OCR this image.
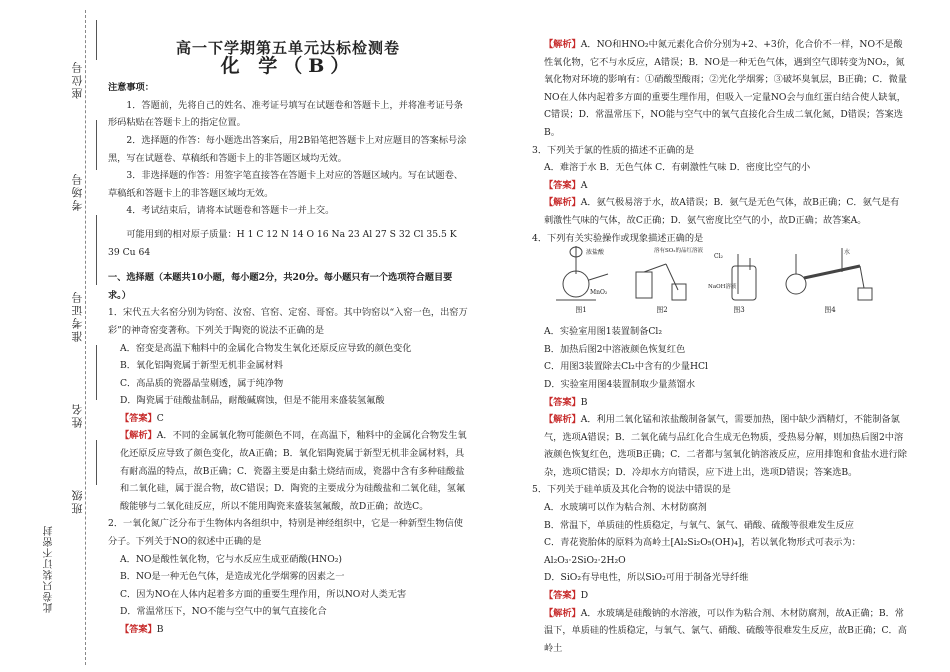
座位号
考场号
准考证号
姓名
班级
此卷只装订不密封

高一下学期第五单元达标检测卷

化 学（B）

注意事项：

1．答题前，先将自己的姓名、准考证号填写在试题卷和答题卡上，并将准考证号条形码粘贴在答题卡上的指定位置。

2．选择题的作答：每小题选出答案后，用2B铅笔把答题卡上对应题目的答案标号涂黑，写在试题卷、草稿纸和答题卡上的非答题区域均无效。

3．非选择题的作答：用签字笔直接答在答题卡上对应的答题区域内。写在试题卷、草稿纸和答题卡上的非答题区域均无效。

4．考试结束后，请将本试题卷和答题卡一并上交。

可能用到的相对原子质量：H 1 C 12 N 14 O 16 Na 23 Al 27 S 32 Cl 35.5 K 39 Cu 64

一、选择题（本题共10小题，每小题2分，共20分。每小题只有一个选项符合题目要求。）

1．宋代五大名窑分别为钧窑、汝窑、官窑、定窑、哥窑。其中钧窑以“入窑一色，出窑万彩”的神奇窑变著称。下列关于陶瓷的说法不正确的是

A．窑变是高温下釉料中的金属化合物发生氧化还原反应导致的颜色变化

B．氧化铝陶瓷属于新型无机非金属材料

C．高品质的瓷器晶莹剔透，属于纯净物

D．陶瓷属于硅酸盐制品，耐酸碱腐蚀，但是不能用来盛装氢氟酸

【答案】C

【解析】A．不同的金属氧化物可能颜色不同，在高温下，釉料中的金属化合物发生氧化还原反应导致了颜色变化，故A正确；B．氧化铝陶瓷属于新型无机非金属材料，具有耐高温的特点，故B正确；C．瓷器主要是由黏土烧结而成，瓷器中含有多种硅酸盐和二氧化硅，属于混合物，故C错误；D．陶瓷的主要成分为硅酸盐和二氧化硅，氢氟酸能够与二氧化硅反应，所以不能用陶瓷来盛装氢氟酸，故D正确；故选C。

2．一氧化氮广泛分布于生物体内各组织中，特别是神经组织中，它是一种新型生物信使分子。下列关于NO的叙述中正确的是

A．NO是酸性氧化物，它与水反应生成亚硝酸(HNO₂)

B．NO是一种无色气体，是造成光化学烟雾的因素之一

C．因为NO在人体内起着多方面的重要生理作用，所以NO对人类无害

D．常温常压下，NO不能与空气中的氧气直接化合

【答案】B

【解析】A．NO和HNO₂中氮元素化合价分别为+2、+3价，化合价不一样，NO不是酸性氧化物，它不与水反应，A错误；B．NO是一种无色气体，遇到空气即转变为NO₂，氮氧化物对环境的影响有：①硝酸型酸雨；②光化学烟雾；③破坏臭氧层，B正确；C．微量NO在人体内起着多方面的重要生理作用，但吸入一定量NO会与血红蛋白结合使人缺氧，C错误；D．常温常压下，NO能与空气中的氧气直接化合生成二氧化氮，D错误；答案选B。

3．下列关于氯的性质的描述不正确的是

A．难溶于水 B．无色气体 C．有刺激性气味 D．密度比空气的小

【答案】A

【解析】A．氨气极易溶于水，故A错误；B．氨气是无色气体，故B正确；C．氨气是有刺激性气味的气体，故C正确；D．氨气密度比空气的小，故D正确；故答案A。

4．下列有关实验操作或现象描述正确的是

浓盐酸
MnO₂
图1
溶有SO₂的品红溶液
图2
Cl₂
NaOH溶液
图3
水
图4

A．实验室用图1装置制备Cl₂

B．加热后图2中溶液颜色恢复红色

C．用图3装置除去Cl₂中含有的少量HCl

D．实验室用图4装置制取少量蒸馏水

【答案】B

【解析】A．利用二氧化锰和浓盐酸制备氯气，需要加热，图中缺少酒精灯，不能制备氯气，选项A错误；B．二氧化硫与品红化合生成无色物质，受热易分解，则加热后图2中溶液颜色恢复红色，选项B正确；C．二者都与氢氧化钠溶液反应，应用排饱和食盐水进行除杂，选项C错误；D．冷却水方向错误，应下进上出，选项D错误；答案选B。

5．下列关于硅单质及其化合物的说法中错误的是

A．水玻璃可以作为粘合剂、木材防腐剂

B．常温下，单质硅的性质稳定，与氧气、氯气、硝酸、硫酸等很难发生反应

C．青花瓷胎体的原料为高岭土[Al₂Si₂O₅(OH)₄]，若以氧化物形式可表示为：Al₂O₃·2SiO₂·2H₂O

D．SiO₂有导电性，所以SiO₂可用于制备光导纤维

【答案】D

【解析】A．水玻璃是硅酸钠的水溶液，可以作为粘合剂、木材防腐剂，故A正确；B．常温下，单质硅的性质稳定，与氧气、氯气、硝酸、硫酸等很难发生反应，故B正确；C．高岭土
